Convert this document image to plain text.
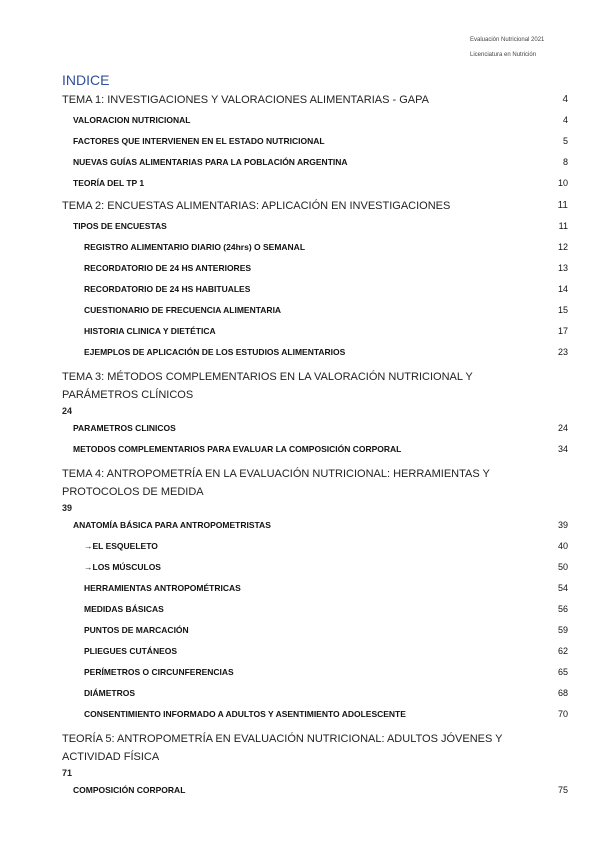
Evaluación Nutricional 2021
Licenciatura en Nutrición
INDICE
TEMA 1: INVESTIGACIONES Y VALORACIONES ALIMENTARIAS - GAPA	4
VALORACION NUTRICIONAL	4
FACTORES QUE INTERVIENEN EN EL ESTADO NUTRICIONAL	5
NUEVAS GUÍAS ALIMENTARIAS PARA LA POBLACIÓN ARGENTINA	8
TEORÍA DEL TP 1	10
TEMA 2: ENCUESTAS ALIMENTARIAS: APLICACIÓN EN INVESTIGACIONES	11
TIPOS DE ENCUESTAS	11
REGISTRO ALIMENTARIO DIARIO (24hrs) O SEMANAL	12
RECORDATORIO DE 24 HS ANTERIORES	13
RECORDATORIO DE 24 HS HABITUALES	14
CUESTIONARIO DE FRECUENCIA ALIMENTARIA	15
HISTORIA CLINICA Y DIETÉTICA	17
EJEMPLOS DE APLICACIÓN DE LOS ESTUDIOS ALIMENTARIOS	23
TEMA 3: MÉTODOS COMPLEMENTARIOS EN LA VALORACIÓN NUTRICIONAL Y PARÁMETROS CLÍNICOS
24
PARAMETROS CLINICOS	24
METODOS COMPLEMENTARIOS PARA EVALUAR LA COMPOSICIÓN CORPORAL	34
TEMA 4: ANTROPOMETRÍA EN LA EVALUACIÓN NUTRICIONAL: HERRAMIENTAS Y PROTOCOLOS DE MEDIDA
39
ANATOMÍA BÁSICA PARA ANTROPOMETRISTAS	39
→EL ESQUELETO	40
→LOS MÚSCULOS	50
HERRAMIENTAS ANTROPOMÉTRICAS	54
MEDIDAS BÁSICAS	56
PUNTOS DE MARCACIÓN	59
PLIEGUES CUTÁNEOS	62
PERÍMETROS O CIRCUNFERENCIAS	65
DIÁMETROS	68
CONSENTIMIENTO INFORMADO A ADULTOS Y ASENTIMIENTO ADOLESCENTE	70
TEORÍA 5: ANTROPOMETRÍA EN EVALUACIÓN NUTRICIONAL: ADULTOS JÓVENES Y ACTIVIDAD FÍSICA
71
COMPOSICIÓN CORPORAL	75
